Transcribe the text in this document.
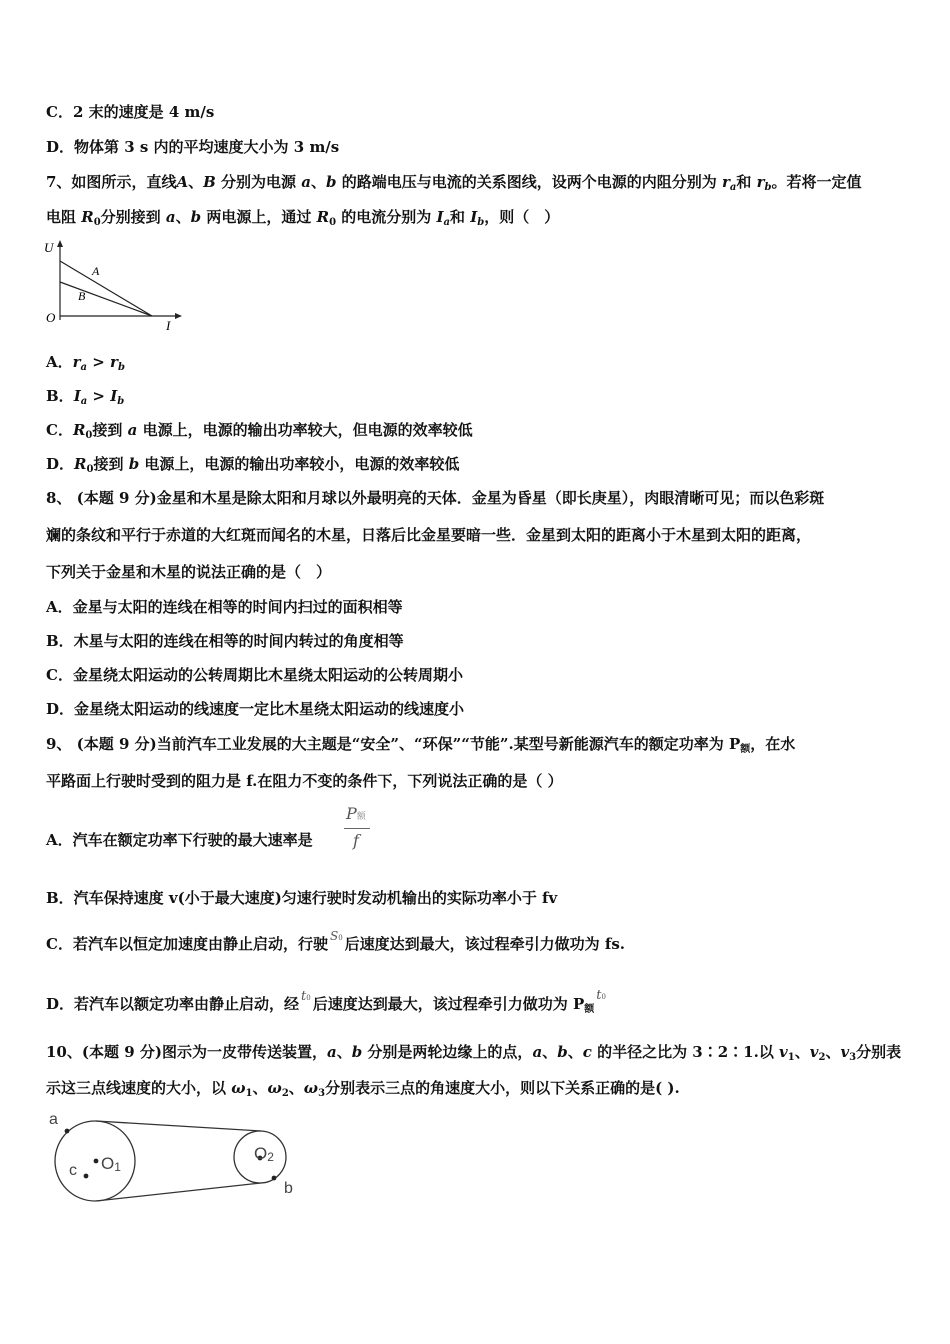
C．2 末的速度是 4 m/s
D．物体第 3 s 内的平均速度大小为 3 m/s
7、如图所示，直线A、B 分别为电源 a、b 的路端电压与电流的关系图线，设两个电源的内阻分别为 $r_a$和 $r_b$。若将一定值
电阻 $R_0$分别接到 a、b 两电源上，通过 $R_0$ 的电流分别为 $I_a$和 $I_b$，则（　）
U
A
B
O
I
A．$r_a > r_b$
B．$I_a > I_b$
C．$R_0$接到 a 电源上，电源的输出功率较大，但电源的效率较低
D．$R_0$接到 b 电源上，电源的输出功率较小，电源的效率较低
8、 (本题 9 分)金星和木星是除太阳和月球以外最明亮的天体．金星为昏星（即长庚星），肉眼清晰可见；而以色彩斑
斓的条纹和平行于赤道的大红斑而闻名的木星，日落后比金星要暗一些．金星到太阳的距离小于木星到太阳的距离，
下列关于金星和木星的说法正确的是（　）
A．金星与太阳的连线在相等的时间内扫过的面积相等
B．木星与太阳的连线在相等的时间内转过的角度相等
C．金星绕太阳运动的公转周期比木星绕太阳运动的公转周期小
D．金星绕太阳运动的线速度一定比木星绕太阳运动的线速度小
9、 (本题 9 分)当前汽车工业发展的大主题是“安全”、“环保”“节能”.某型号新能源汽车的额定功率为 $P_额$，在水
平路面上行驶时受到的阻力是 f.在阻力不变的条件下，下列说法正确的是（ ）
A．汽车在额定功率下行驶的最大速率是
P额
f
B．汽车保持速度 v(小于最大速度)匀速行驶时发动机输出的实际功率小于 fv
C．若汽车以恒定加速度由静止启动，行驶 $^{S0}$ 后速度达到最大，该过程牵引力做功为 fs.
D．若汽车以额定功率由静止启动，经 t0 后速度达到最大，该过程牵引力做功为 $P_额t0$
10、(本题 9 分)图示为一皮带传送装置，a、b 分别是两轮边缘上的点，a、b、c 的半径之比为 3∶2∶1.以 $v_1$、$v_2$、$v_3$分别表
示这三点线速度的大小，以 $\omega_1$、$\omega_2$、$\omega_3$分别表示三点的角速度大小，则以下关系正确的是( ).
a
c O1
O2
b
